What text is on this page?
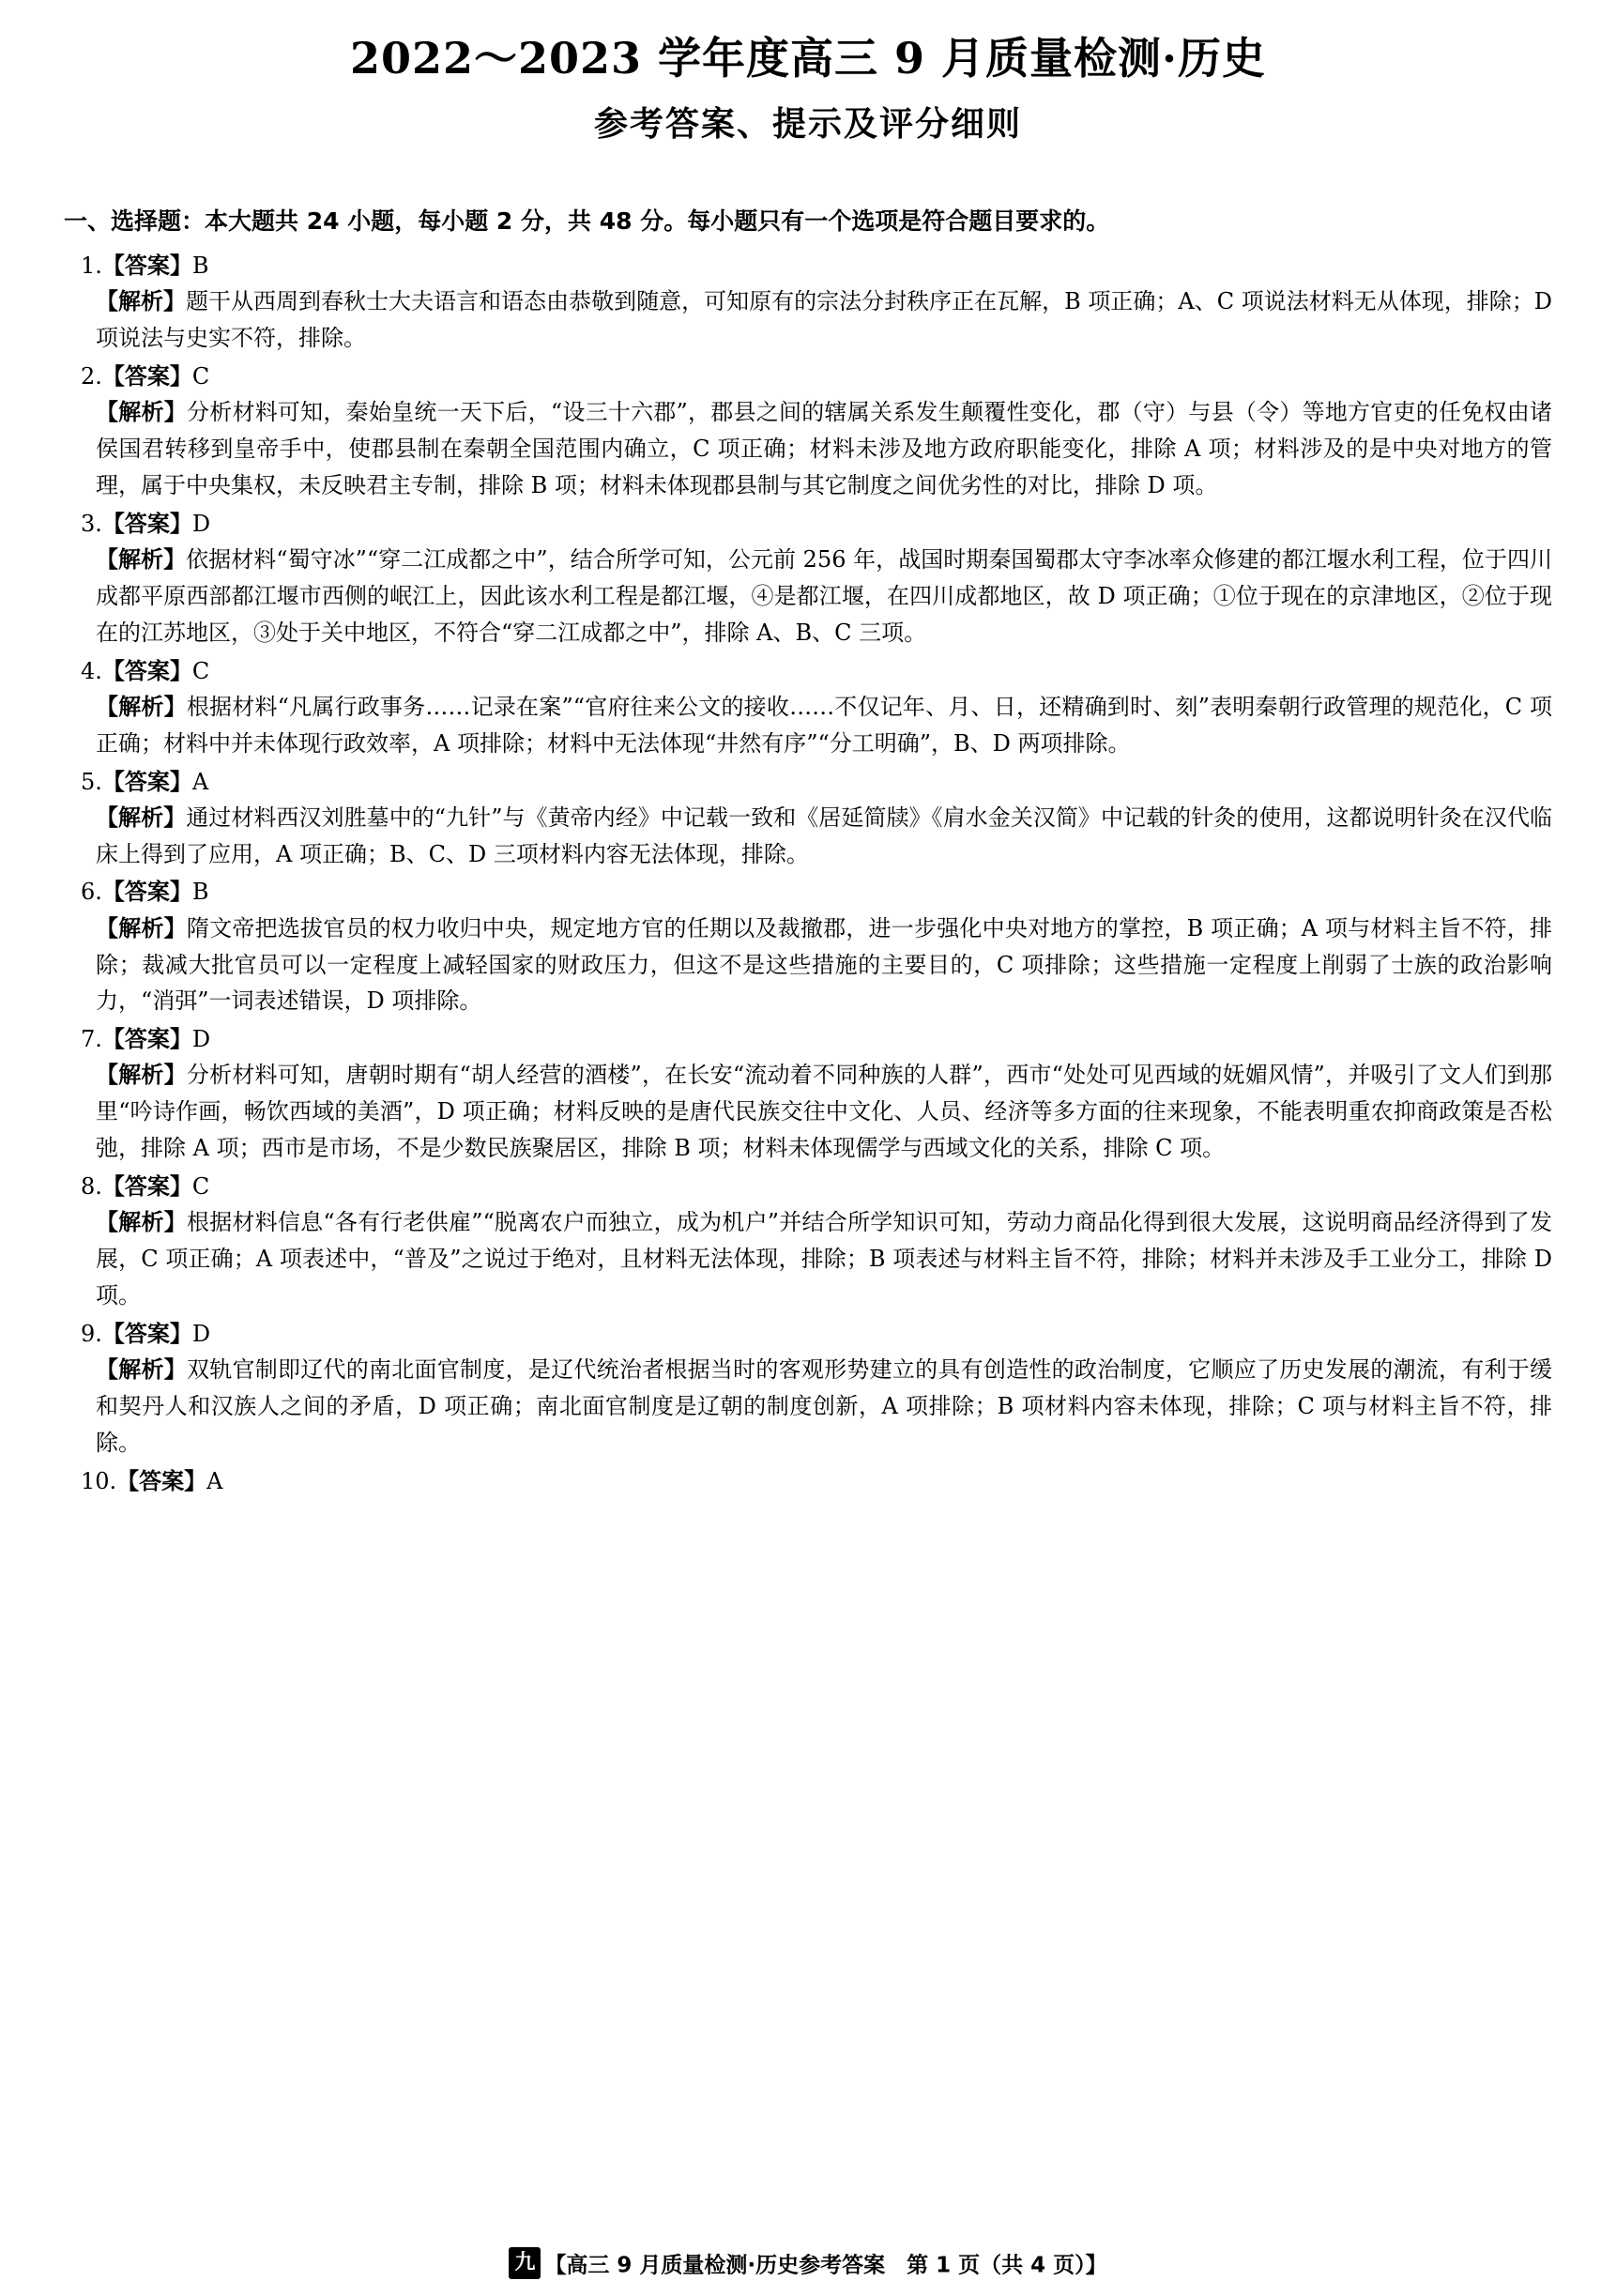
2022～2023 学年度高三 9 月质量检测·历史
参考答案、提示及评分细则
一、选择题：本大题共 24 小题，每小题 2 分，共 48 分。每小题只有一个选项是符合题目要求的。
1.【答案】B
【解析】题干从西周到春秋士大夫语言和语态由恭敬到随意，可知原有的宗法分封秩序正在瓦解，B 项正确；A、C 项说法材料无从体现，排除；D 项说法与史实不符，排除。
2.【答案】C
【解析】分析材料可知，秦始皇统一天下后，“设三十六郡”，郡县之间的辖属关系发生颠覆性变化，郡（守）与县（令）等地方官吏的任免权由诸侯国君转移到皇帝手中，使郡县制在秦朝全国范围内确立，C 项正确；材料未涉及地方政府职能变化，排除 A 项；材料涉及的是中央对地方的管理，属于中央集权，未反映君主专制，排除 B 项；材料未体现郡县制与其它制度之间优劣性的对比，排除 D 项。
3.【答案】D
【解析】依据材料“蜀守冰”“穿二江成都之中”，结合所学可知，公元前 256 年，战国时期秦国蜀郡太守李冰率众修建的都江堰水利工程，位于四川成都平原西部都江堰市西侧的岷江上，因此该水利工程是都江堰，④是都江堰，在四川成都地区，故 D 项正确；①位于现在的京津地区，②位于现在的江苏地区，③处于关中地区，不符合“穿二江成都之中”，排除 A、B、C 三项。
4.【答案】C
【解析】根据材料“凡属行政事务……记录在案”“官府往来公文的接收……不仅记年、月、日，还精确到时、刻”表明秦朝行政管理的规范化，C 项正确；材料中并未体现行政效率，A 项排除；材料中无法体现“井然有序”“分工明确”，B、D 两项排除。
5.【答案】A
【解析】通过材料西汉刘胜墓中的“九针”与《黄帝内经》中记载一致和《居延简牍》《肩水金关汉简》中记载的针灸的使用，这都说明针灸在汉代临床上得到了应用，A 项正确；B、C、D 三项材料内容无法体现，排除。
6.【答案】B
【解析】隋文帝把选拔官员的权力收归中央，规定地方官的任期以及裁撤郡，进一步强化中央对地方的掌控，B 项正确；A 项与材料主旨不符，排除；裁减大批官员可以一定程度上减轻国家的财政压力，但这不是这些措施的主要目的，C 项排除；这些措施一定程度上削弱了士族的政治影响力，“消弭”一词表述错误，D 项排除。
7.【答案】D
【解析】分析材料可知，唐朝时期有“胡人经营的酒楼”，在长安“流动着不同种族的人群”，西市“处处可见西域的妩媚风情”，并吸引了文人们到那里“吟诗作画，畅饮西域的美酒”，D 项正确；材料反映的是唐代民族交往中文化、人员、经济等多方面的往来现象，不能表明重农抑商政策是否松弛，排除 A 项；西市是市场，不是少数民族聚居区，排除 B 项；材料未体现儒学与西域文化的关系，排除 C 项。
8.【答案】C
【解析】根据材料信息“各有行老供雇”“脱离农户而独立，成为机户”并结合所学知识可知，劳动力商品化得到很大发展，这说明商品经济得到了发展，C 项正确；A 项表述中，“普及”之说过于绝对，且材料无法体现，排除；B 项表述与材料主旨不符，排除；材料并未涉及手工业分工，排除 D 项。
9.【答案】D
【解析】双轨官制即辽代的南北面官制度，是辽代统治者根据当时的客观形势建立的具有创造性的政治制度，它顺应了历史发展的潮流，有利于缓和契丹人和汉族人之间的矛盾，D 项正确；南北面官制度是辽朝的制度创新，A 项排除；B 项材料内容未体现，排除；C 项与材料主旨不符，排除。
10.【答案】A
九 【高三 9 月质量检测·历史参考答案　第 1 页（共 4 页）】
